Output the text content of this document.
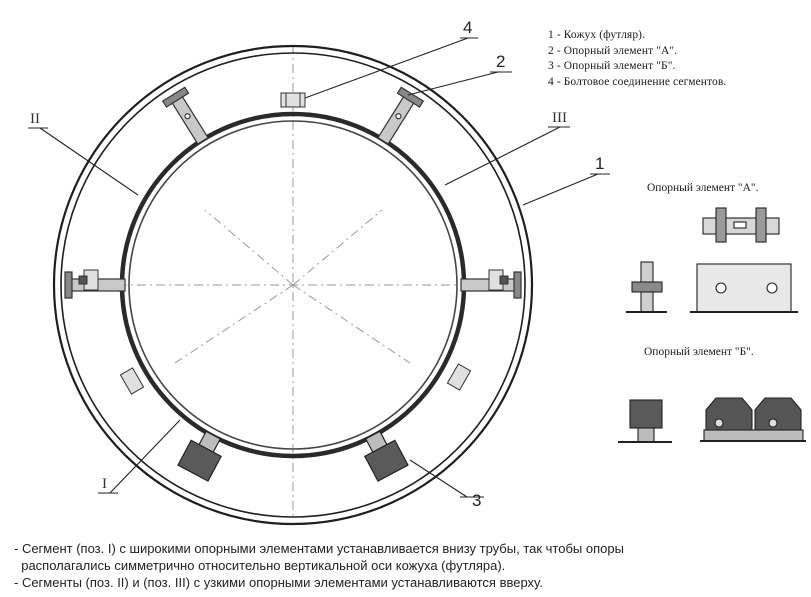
4
2
1
3
II	III
I
1 - Кожух (футляр).
2 - Опорный элемент "А".
3 - Опорный элемент "Б".
4 - Болтовое соединение сегментов.
Опорный элемент "А".
Опорный элемент "Б".
- Сегмент (поз. I) с широкими опорными элементами устанавливается внизу трубы, так чтобы опоры
располагались симметрично относительно вертикальной оси кожуха (футляра).
- Сегменты (поз. II) и (поз. III) с узкими опорными элементами устанавливаются вверху.
